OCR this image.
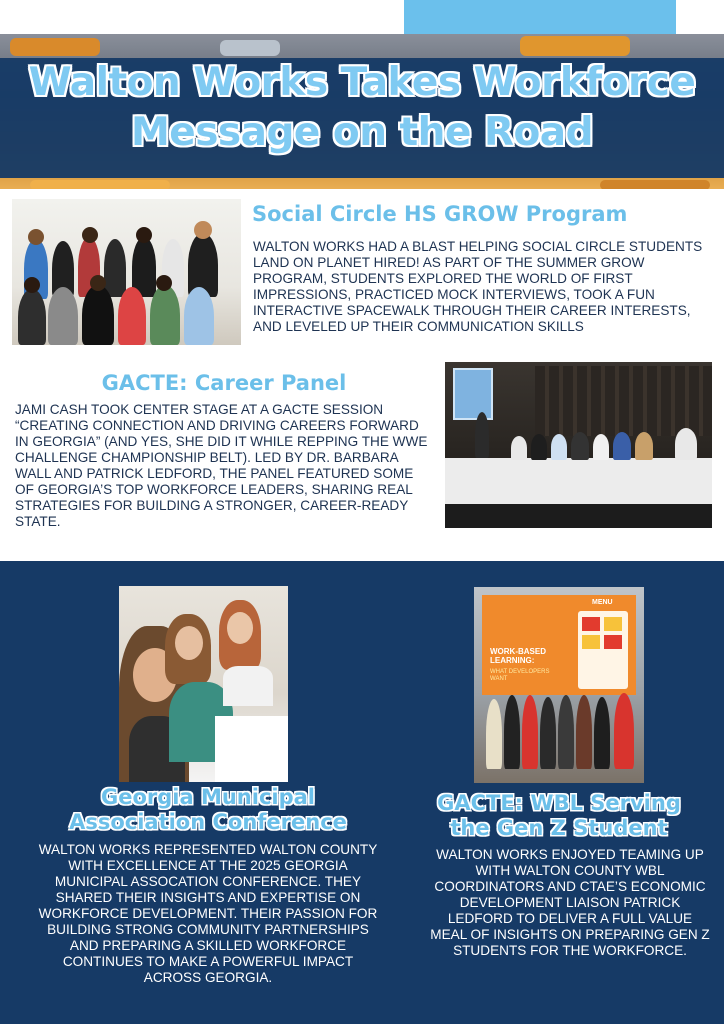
Walton Works Takes Workforce
Message on the Road
Social Circle HS GROW Program
WALTON WORKS HAD A BLAST HELPING SOCIAL CIRCLE STUDENTS LAND ON PLANET HIRED! AS PART OF THE SUMMER GROW PROGRAM, STUDENTS EXPLORED THE WORLD OF FIRST IMPRESSIONS, PRACTICED MOCK INTERVIEWS, TOOK A FUN INTERACTIVE SPACEWALK THROUGH THEIR CAREER INTERESTS, AND LEVELED UP THEIR COMMUNICATION SKILLS
GACTE: Career Panel
JAMI CASH TOOK CENTER STAGE AT A GACTE SESSION “CREATING CONNECTION AND DRIVING CAREERS FORWARD IN GEORGIA” (AND YES, SHE DID IT WHILE REPPING THE WWE CHALLENGE CHAMPIONSHIP BELT). LED BY DR. BARBARA WALL AND PATRICK LEDFORD, THE PANEL FEATURED SOME OF GEORGIA’S TOP WORKFORCE LEADERS, SHARING REAL STRATEGIES FOR BUILDING A STRONGER, CAREER-READY STATE.
Georgia Municipal
Association Conference
WALTON WORKS REPRESENTED WALTON COUNTY WITH EXCELLENCE AT THE 2025 GEORGIA MUNICIPAL ASSOCATION CONFERENCE. THEY SHARED THEIR INSIGHTS AND EXPERTISE ON WORKFORCE DEVELOPMENT. THEIR PASSION FOR BUILDING STRONG COMMUNITY PARTNERSHIPS AND PREPARING A SKILLED WORKFORCE CONTINUES TO MAKE A POWERFUL IMPACT ACROSS GEORGIA.
MENU
WORK-BASED LEARNING:
WHAT DEVELOPERS WANT
GACTE: WBL Serving
the Gen Z Student
WALTON WORKS ENJOYED TEAMING UP WITH WALTON COUNTY WBL COORDINATORS AND CTAE’S ECONOMIC DEVELOPMENT LIAISON PATRICK LEDFORD TO DELIVER A FULL VALUE MEAL OF INSIGHTS ON PREPARING GEN Z STUDENTS FOR THE WORKFORCE.
